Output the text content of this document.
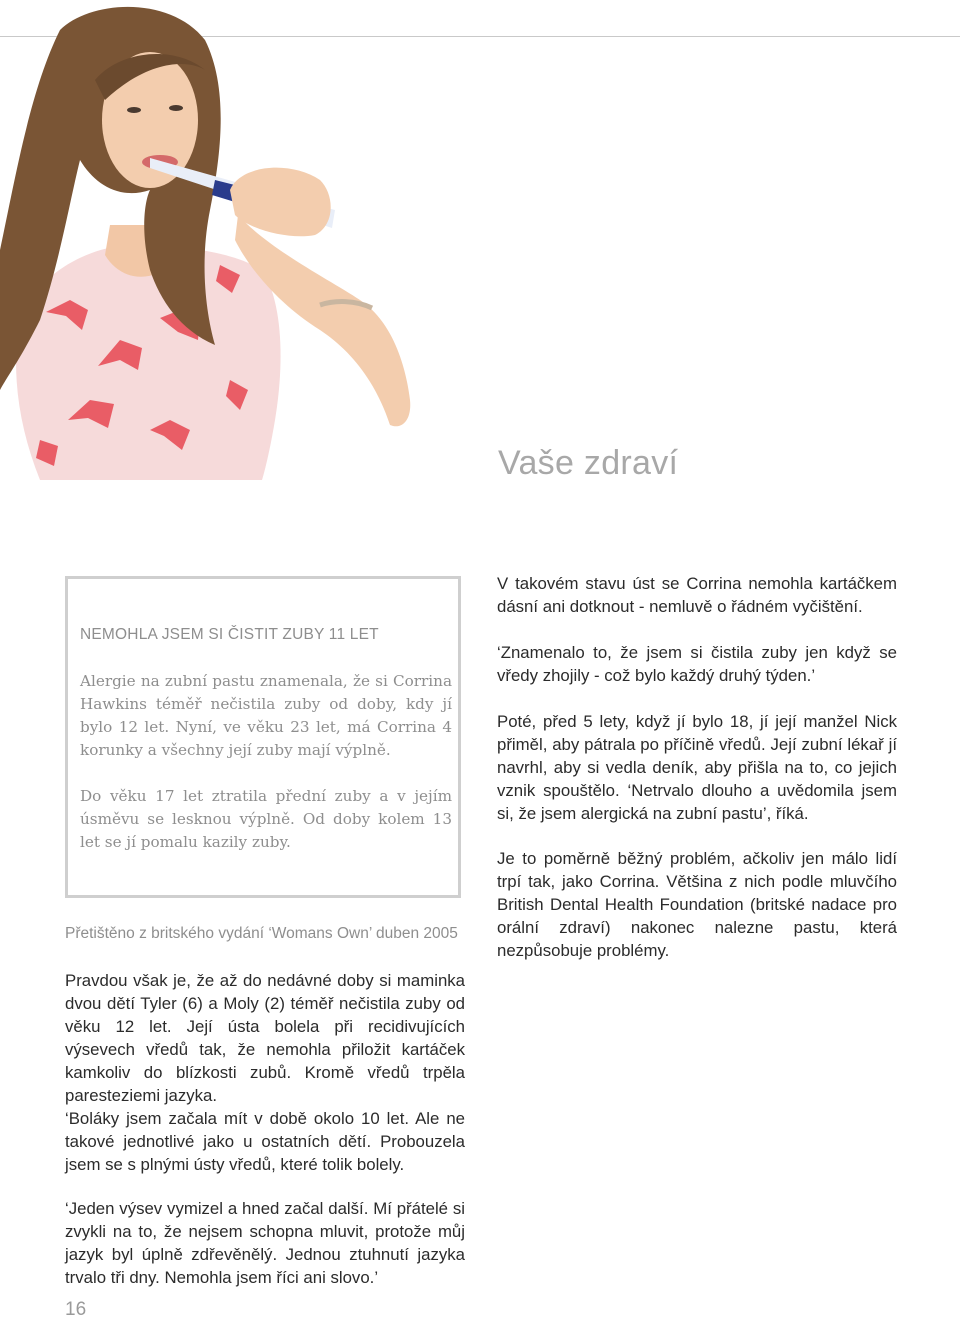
Vaše zdraví
NEMOHLA JSEM SI ČISTIT ZUBY 11 LET

Alergie na zubní pastu znamenala, že si Corrina Hawkins téměř nečistila zuby od doby, kdy jí bylo 12 let. Nyní, ve věku 23 let, má Corrina 4 korunky a všechny její zuby mají výplně.

Do věku 17 let ztratila přední zuby a v jejím úsměvu se lesknou výplně. Od doby kolem 13 let se jí pomalu kazily zuby.

Přetištěno z britského vydání ‘Womans Own’ duben 2005

Pravdou však je, že až do nedávné doby si maminka dvou dětí Tyler (6) a Moly (2) téměř nečistila zuby od věku 12 let. Její ústa bolela při recidivujících výsevech vředů tak, že nemohla přiložit kartáček kamkoliv do blízkosti zubů. Kromě vředů trpěla paresteziemi jazyka.

‘Boláky jsem začala mít v době okolo 10 let. Ale ne takové jednotlivé jako u ostatních dětí. Probouzela jsem se s plnými ústy vředů, které tolik bolely.

‘Jeden výsev vymizel a hned začal další. Mí přátelé si zvykli na to, že nejsem schopna mluvit, protože můj jazyk byl úplně zdřevěnělý. Jednou ztuhnutí jazyka trvalo tři dny. Nemohla jsem říci ani slovo.’

V takovém stavu úst se Corrina nemohla kartáčkem dásní ani dotknout - nemluvě o řádném vyčištění.

‘Znamenalo to, že jsem si čistila zuby jen když se vředy zhojily - což bylo každý druhý týden.’

Poté, před 5 lety, když jí bylo 18, jí její manžel Nick přiměl, aby pátrala po příčině vředů. Její zubní lékař jí navrhl, aby si vedla deník, aby přišla na to, co jejich vznik spouštělo. ‘Netrvalo dlouho a uvědomila jsem si, že jsem alergická na zubní pastu’, říká.

Je to poměrně běžný problém, ačkoliv jen málo lidí trpí tak, jako Corrina. Většina z nich podle mluvčího British Dental Health Foundation (britské nadace pro orální zdraví) nakonec nalezne pastu, která nezpůsobuje problémy.

16
